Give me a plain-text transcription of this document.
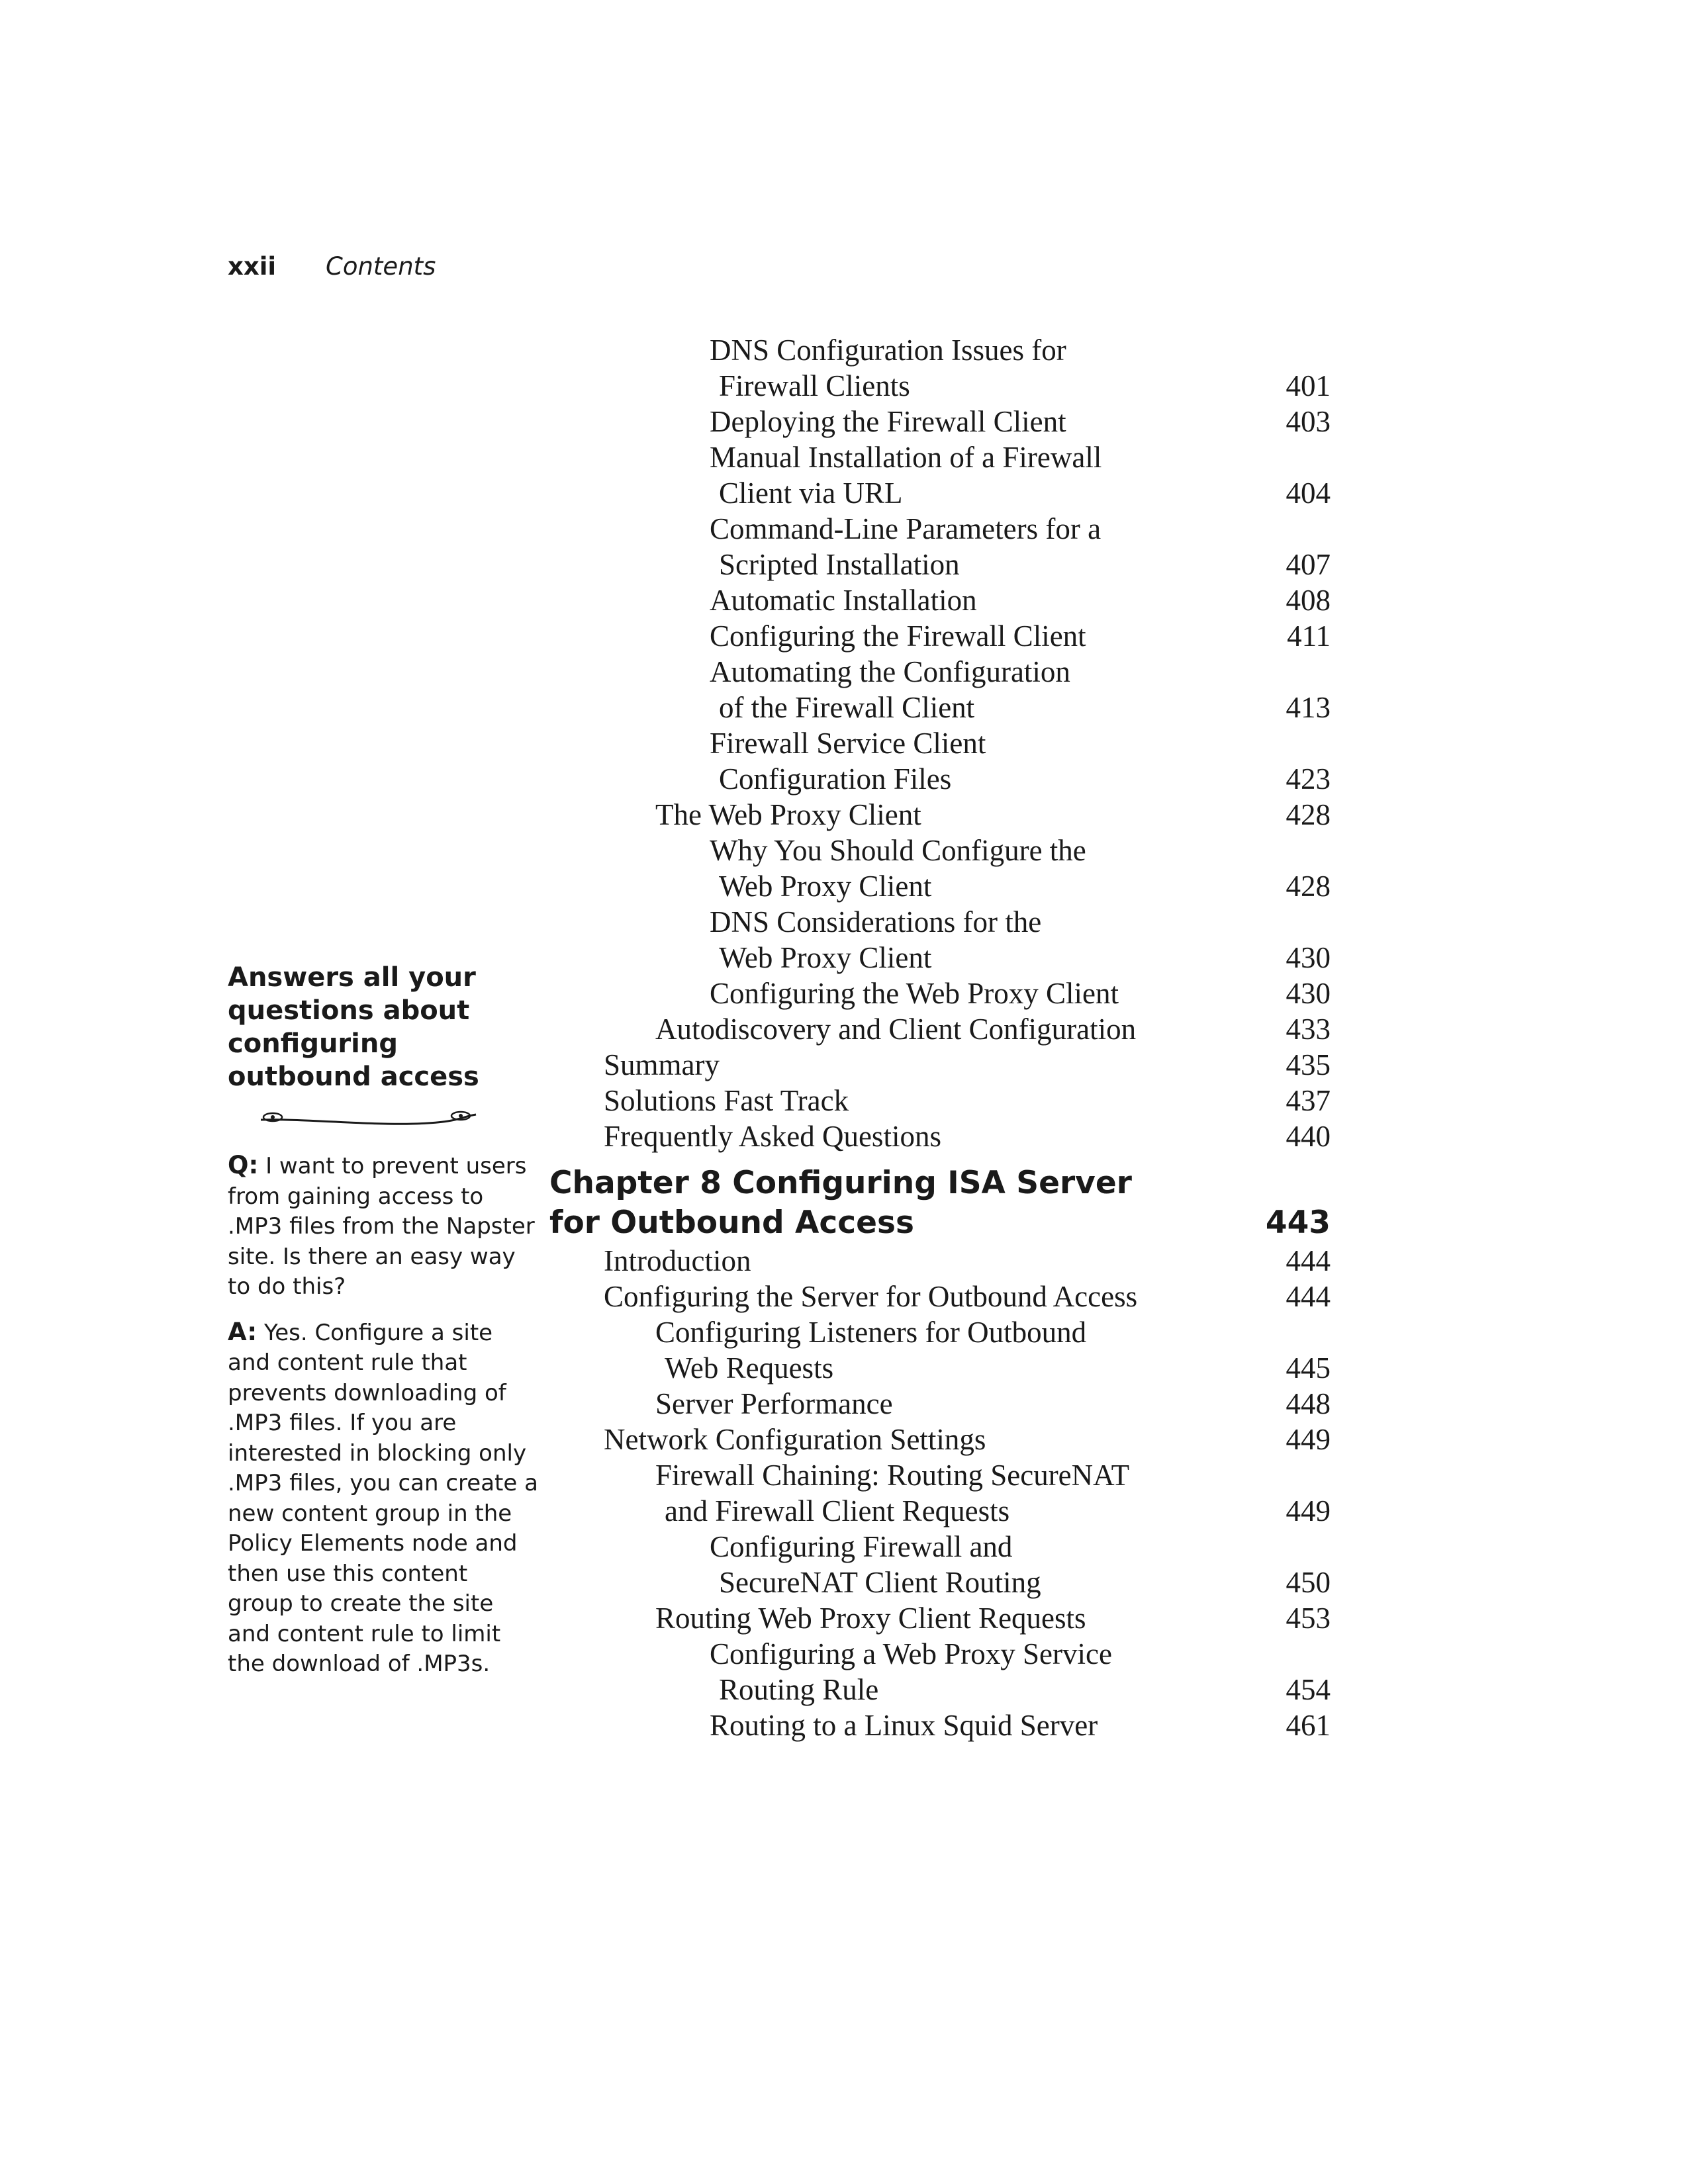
xxii Contents
Answers all your questions about configuring outbound access

Q: I want to prevent users from gaining access to .MP3 files from the Napster site. Is there an easy way to do this?

A: Yes. Configure a site and content rule that prevents downloading of .MP3 files. If you are interested in blocking only .MP3 files, you can create a new content group in the Policy Elements node and then use this content group to create the site and content rule to limit the download of .MP3s.

DNS Configuration Issues for
Firewall Clients	401
Deploying the Firewall Client	403
Manual Installation of a Firewall
Client via URL	404
Command-Line Parameters for a
Scripted Installation	407
Automatic Installation	408
Configuring the Firewall Client	411
Automating the Configuration
of the Firewall Client	413
Firewall Service Client
Configuration Files	423
The Web Proxy Client	428
Why You Should Configure the
Web Proxy Client	428
DNS Considerations for the
Web Proxy Client	430
Configuring the Web Proxy Client	430
Autodiscovery and Client Configuration	433
Summary	435
Solutions Fast Track	437
Frequently Asked Questions	440
Chapter 8 Configuring ISA Server
for Outbound Access	443
Introduction	444
Configuring the Server for Outbound Access	444
Configuring Listeners for Outbound
Web Requests	445
Server Performance	448
Network Configuration Settings	449
Firewall Chaining: Routing SecureNAT
and Firewall Client Requests	449
Configuring Firewall and
SecureNAT Client Routing	450
Routing Web Proxy Client Requests	453
Configuring a Web Proxy Service
Routing Rule	454
Routing to a Linux Squid Server	461
